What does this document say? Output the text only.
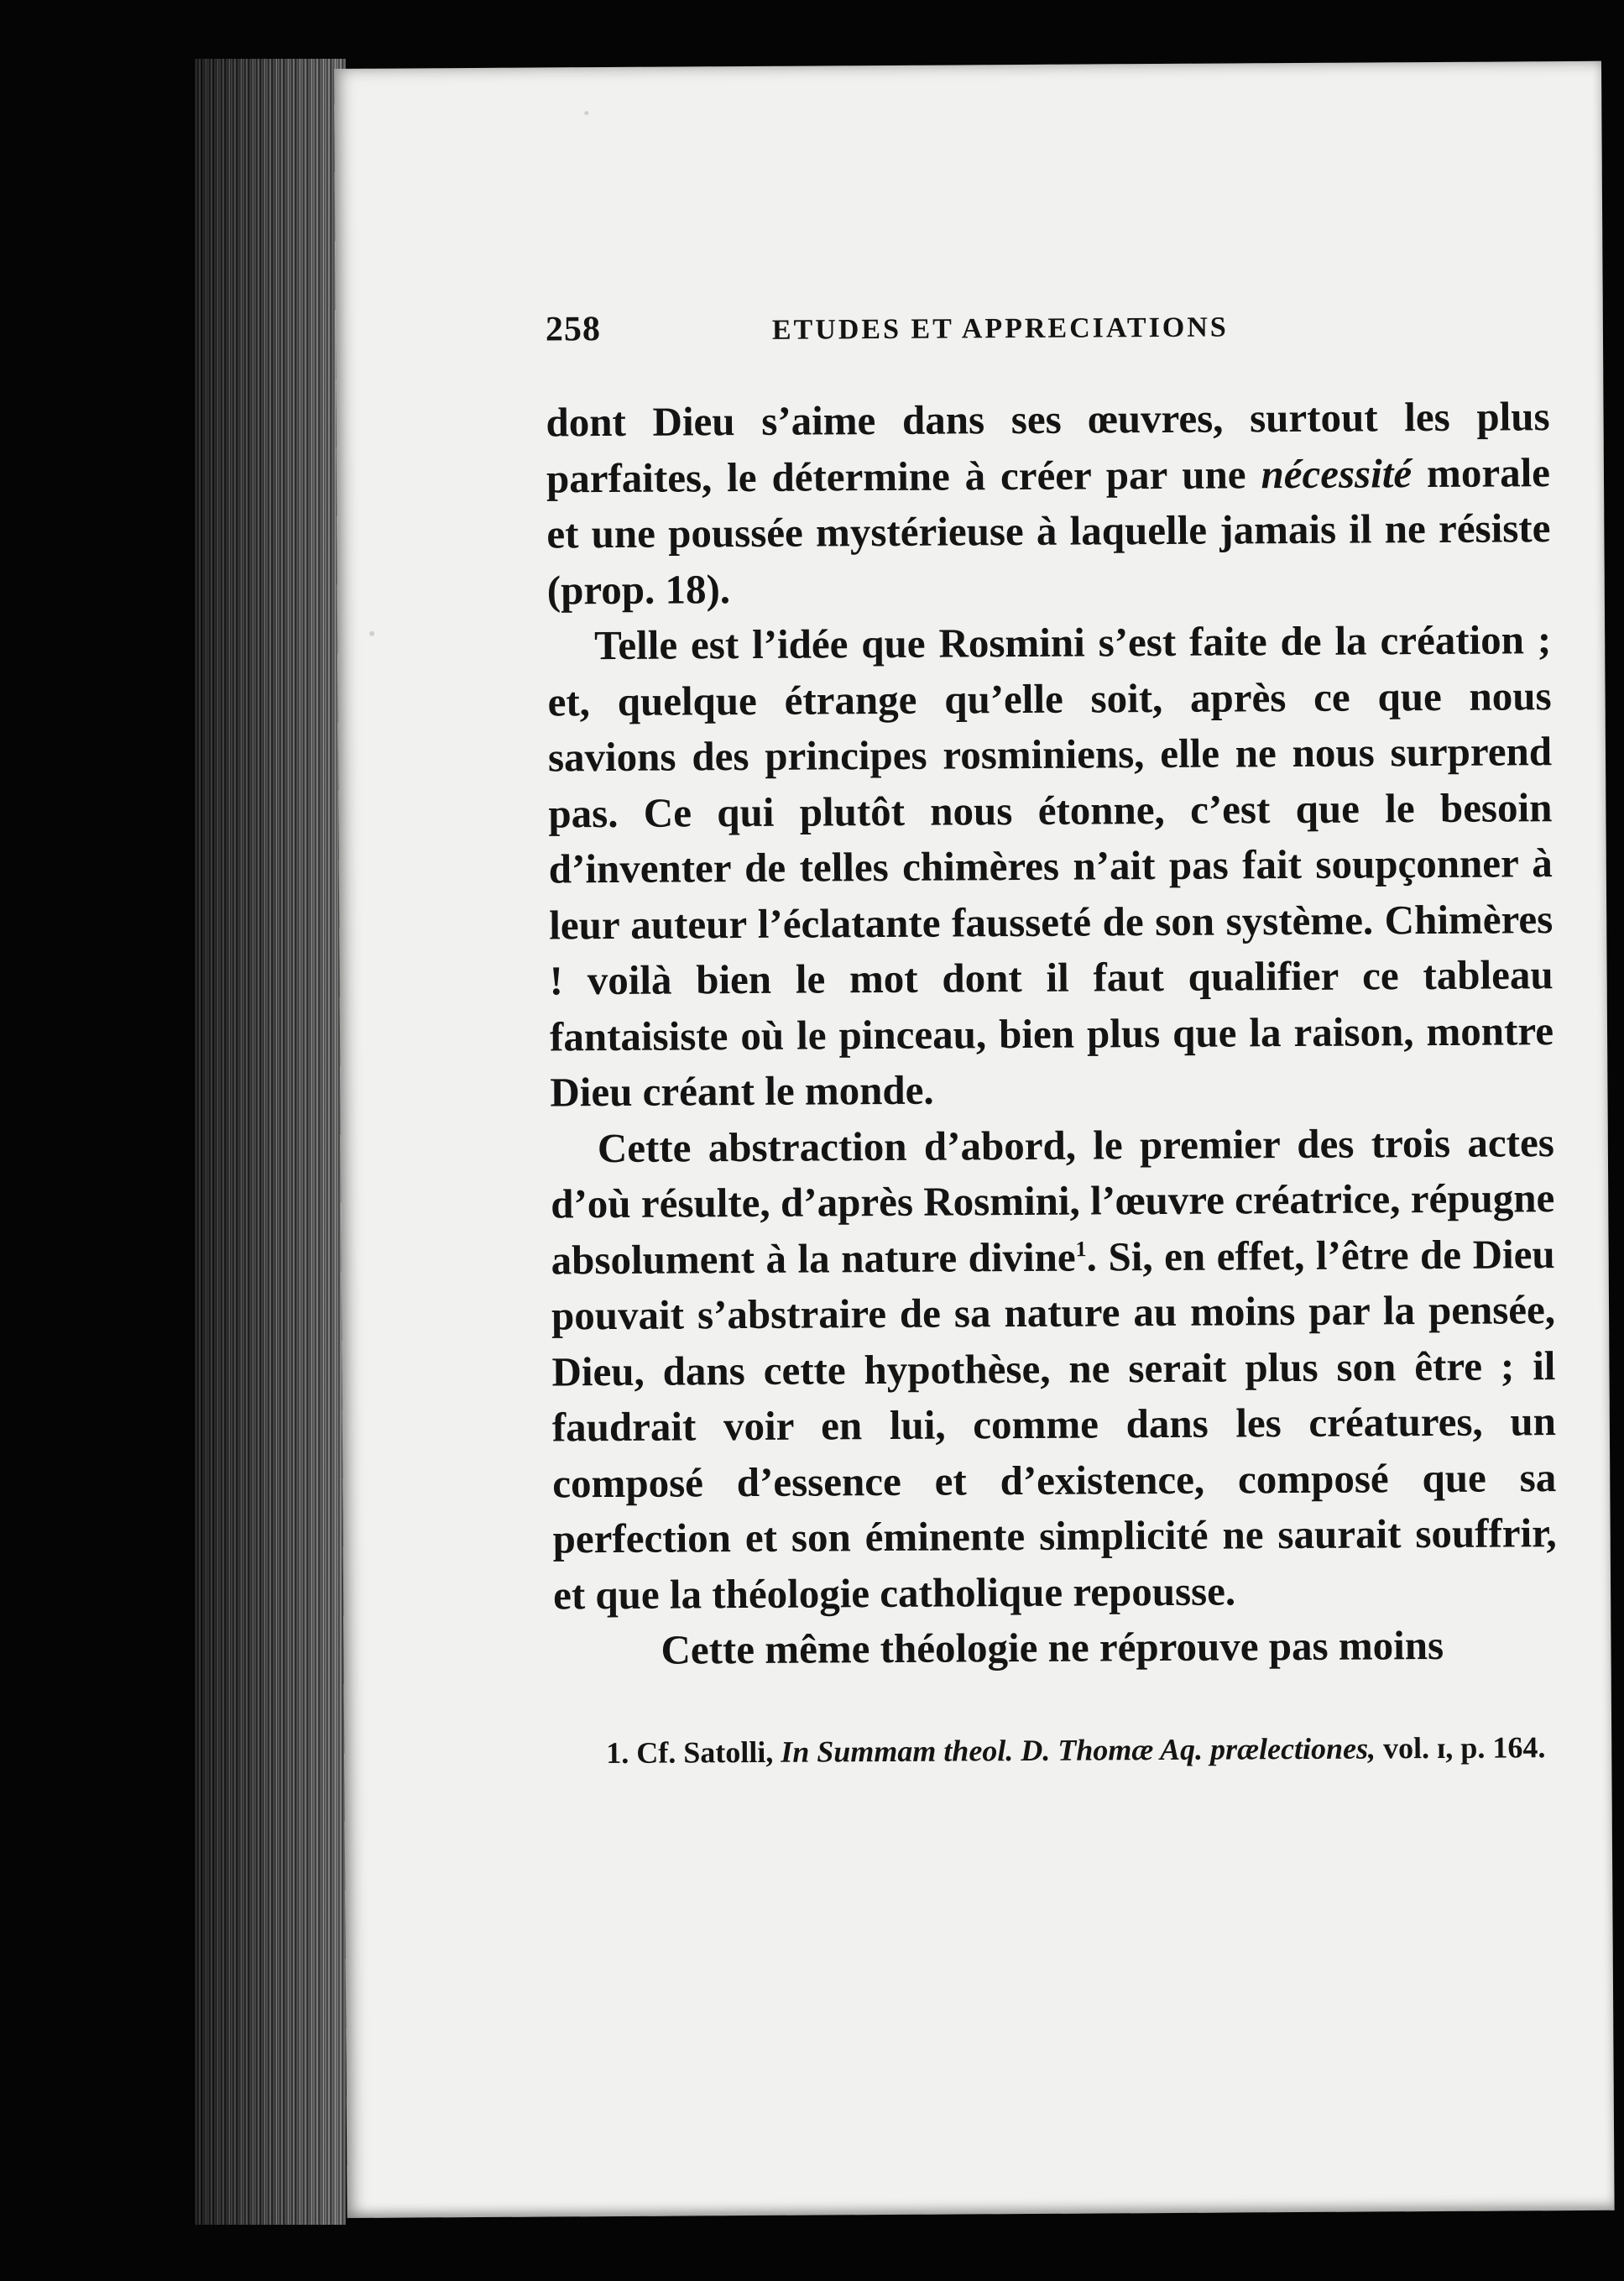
258	ETUDES ET APPRECIATIONS

dont Dieu s’aime dans ses œuvres, surtout les plus parfaites, le détermine à créer par une nécessité morale et une poussée mystérieuse à laquelle jamais il ne résiste (prop. 18).

Telle est l’idée que Rosmini s’est faite de la création ; et, quelque étrange qu’elle soit, après ce que nous savions des principes rosminiens, elle ne nous surprend pas. Ce qui plutôt nous étonne, c’est que le besoin d’inventer de telles chimères n’ait pas fait soupçonner à leur auteur l’éclatante fausseté de son système. Chimères ! voilà bien le mot dont il faut qualifier ce tableau fantaisiste où le pinceau, bien plus que la raison, montre Dieu créant le monde.

Cette abstraction d’abord, le premier des trois actes d’où résulte, d’après Rosmini, l’œuvre créatrice, répugne absolument à la nature divine$^1$. Si, en effet, l’être de Dieu pouvait s’abstraire de sa nature au moins par la pensée, Dieu, dans cette hypothèse, ne serait plus son être ; il faudrait voir en lui, comme dans les créatures, un composé d’essence et d’existence, composé que sa perfection et son éminente simplicité ne saurait souffrir, et que la théologie catholique repousse.

Cette même théologie ne réprouve pas moins

1. Cf. Satolli, In Summam theol. D. Thomæ Aq. prælectiones, vol. ɪ, p. 164.
